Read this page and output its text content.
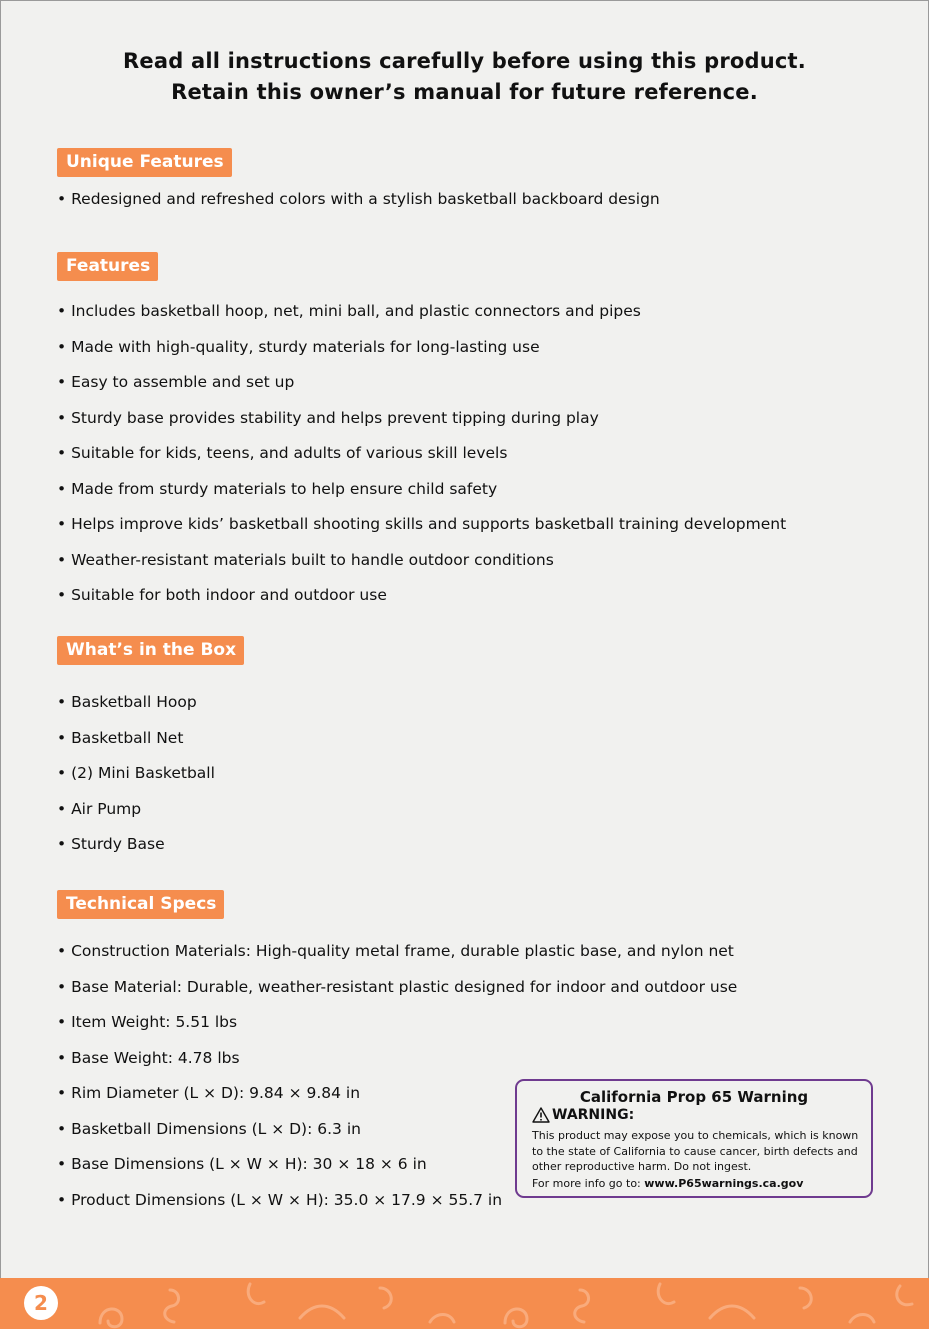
Read all instructions carefully before using this product.
Retain this owner’s manual for future reference.
Unique Features
• Redesigned and refreshed colors with a stylish basketball backboard design
Features
• Includes basketball hoop, net, mini ball, and plastic connectors and pipes
• Made with high-quality, sturdy materials for long-lasting use
• Easy to assemble and set up
• Sturdy base provides stability and helps prevent tipping during play
• Suitable for kids, teens, and adults of various skill levels
• Made from sturdy materials to help ensure child safety
• Helps improve kids’ basketball shooting skills and supports basketball training development
• Weather-resistant materials built to handle outdoor conditions
• Suitable for both indoor and outdoor use
What’s in the Box
• Basketball Hoop
• Basketball Net
• (2) Mini Basketball
• Air Pump
• Sturdy Base
Technical Specs
• Construction Materials: High-quality metal frame, durable plastic base, and nylon net
• Base Material: Durable, weather-resistant plastic designed for indoor and outdoor use
• Item Weight: 5.51 lbs
• Base Weight: 4.78 lbs
• Rim Diameter (L × D): 9.84 × 9.84 in
• Basketball Dimensions (L × D): 6.3 in
• Base Dimensions (L × W × H): 30 × 18 × 6 in
• Product Dimensions (L × W × H): 35.0 × 17.9 × 55.7 in
California Prop 65 Warning
WARNING:
This product may expose you to chemicals, which is known to the state of California to cause cancer, birth defects and other reproductive harm. Do not ingest.
For more info go to: www.P65warnings.ca.gov
2
